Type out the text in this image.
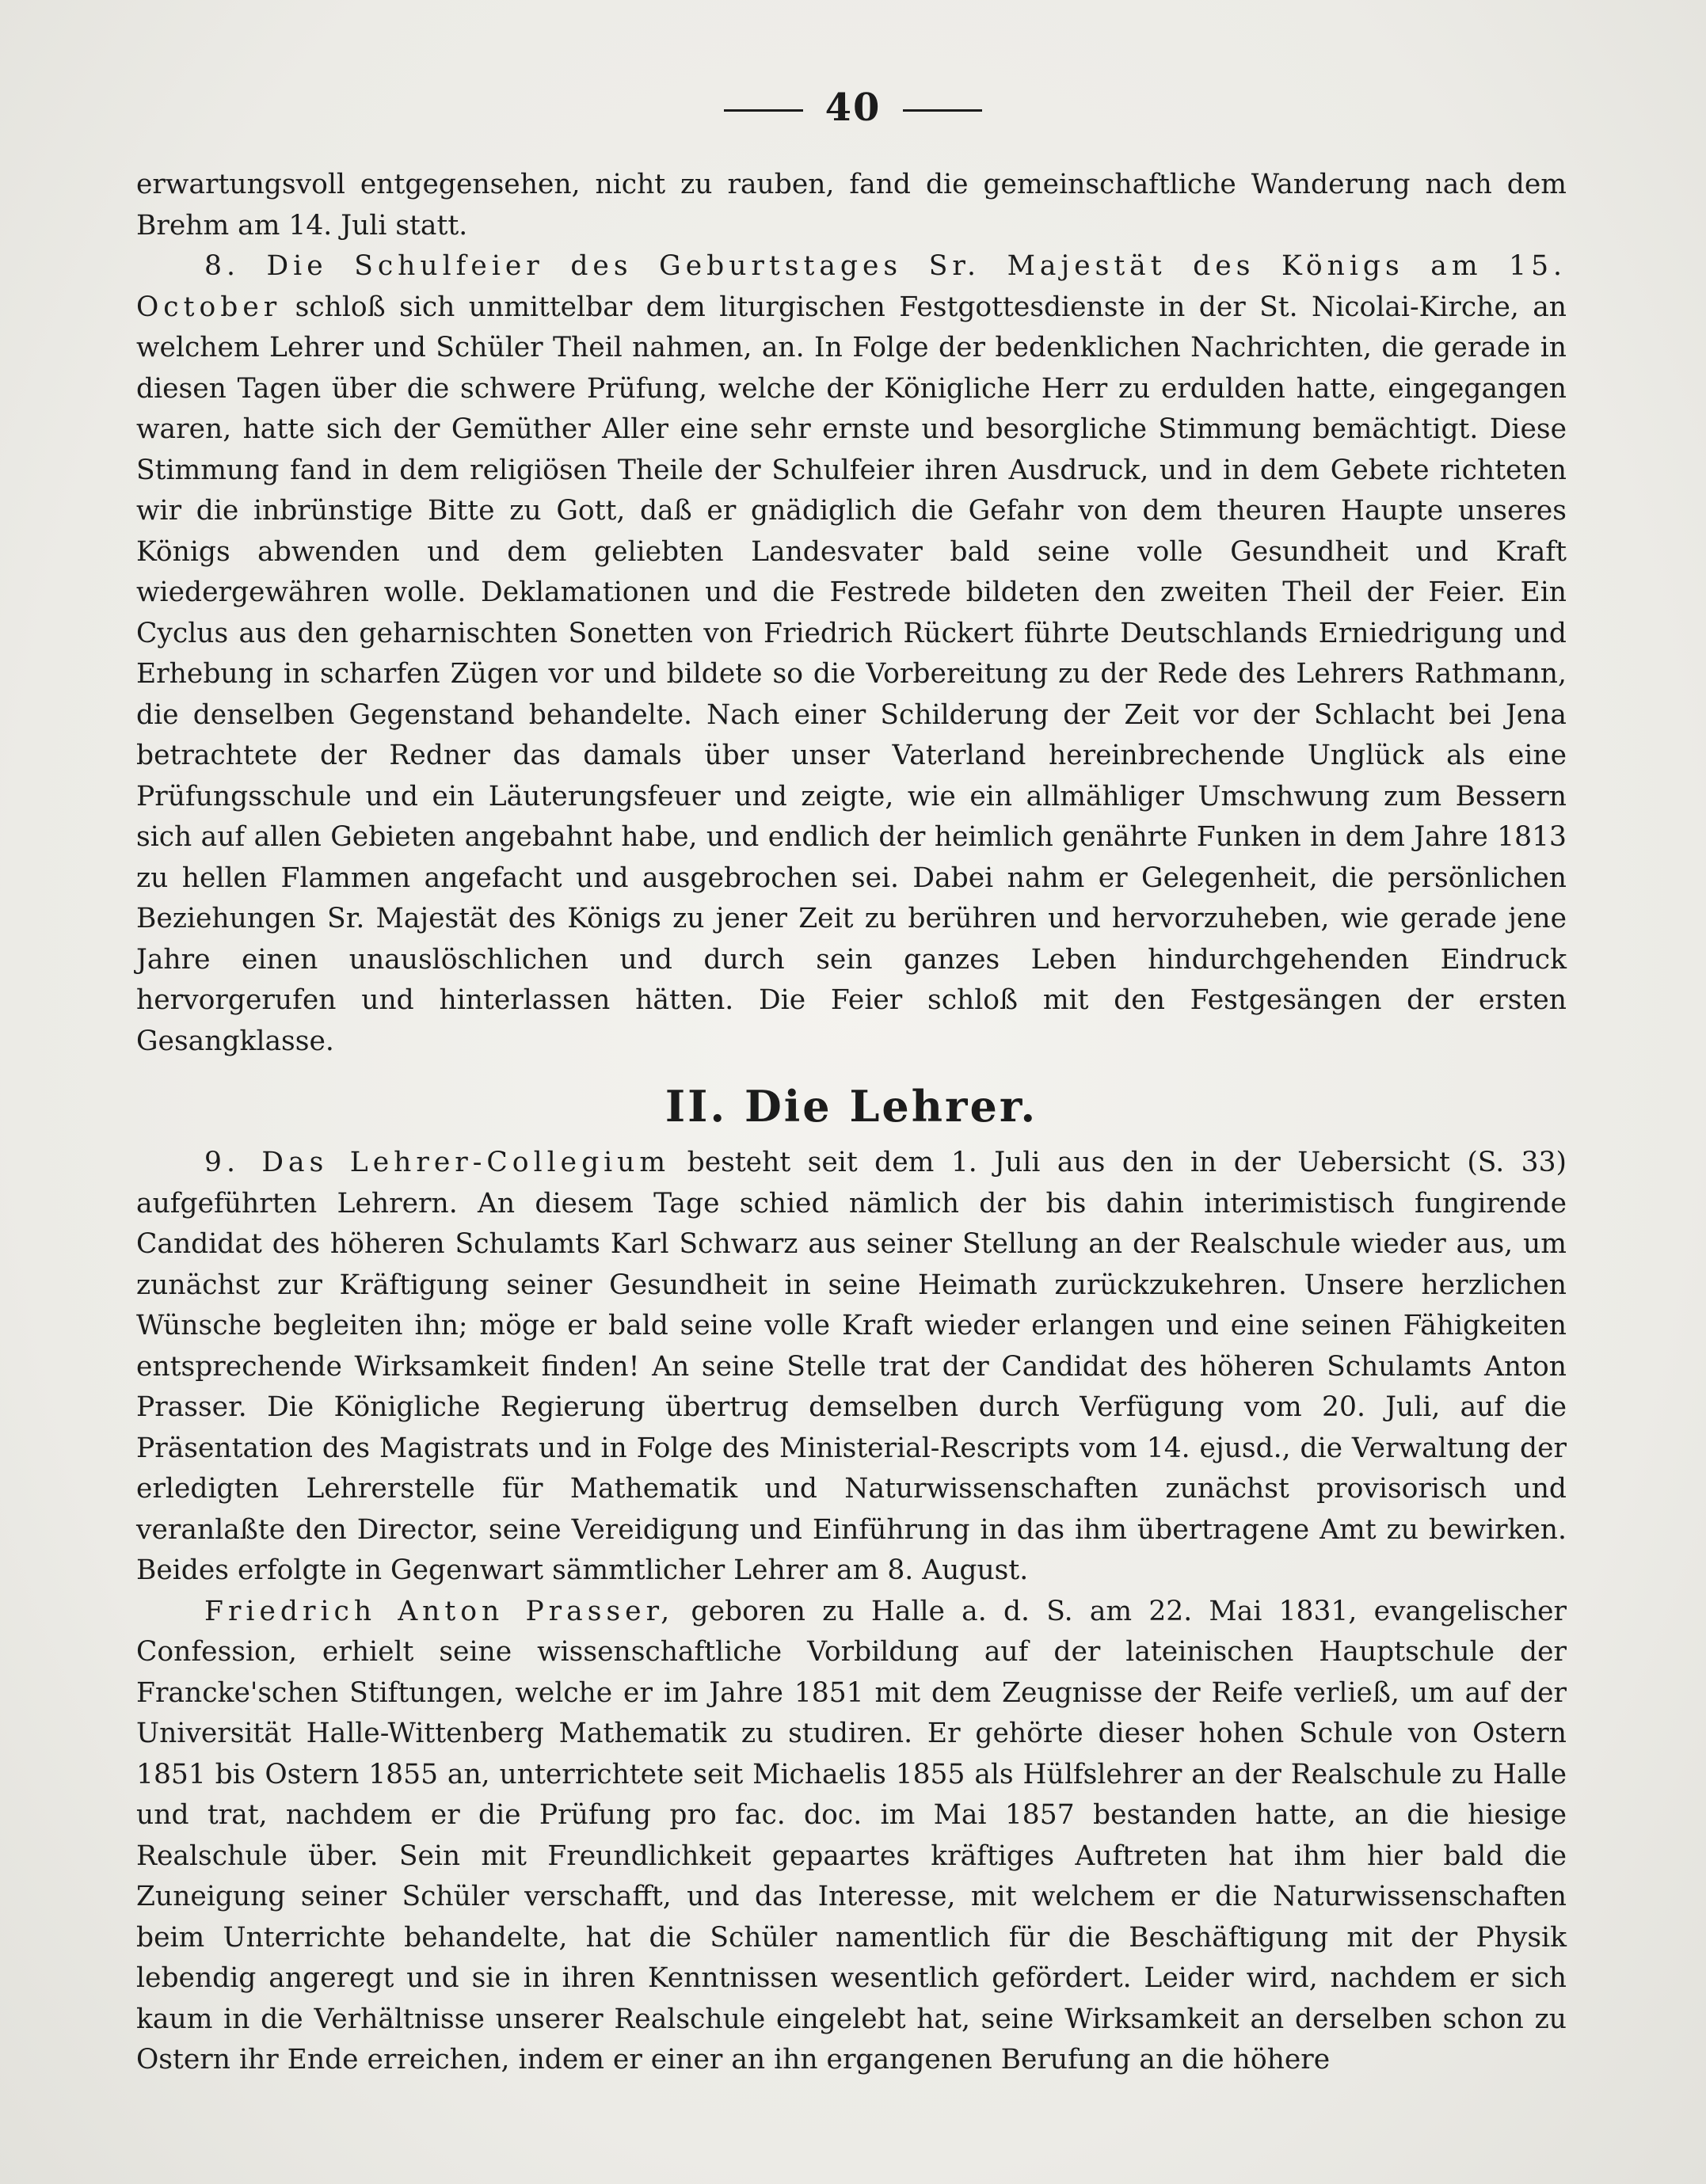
40

erwartungsvoll entgegensehen, nicht zu rauben, fand die gemeinschaftliche Wanderung nach dem Brehm am 14. Juli statt.

8. Die Schulfeier des Geburtstages Sr. Majestät des Königs am 15. October schloß sich unmittelbar dem liturgischen Festgottesdienste in der St. Nicolai-Kirche, an welchem Lehrer und Schüler Theil nahmen, an. In Folge der bedenklichen Nachrichten, die gerade in diesen Tagen über die schwere Prüfung, welche der Königliche Herr zu erdulden hatte, eingegangen waren, hatte sich der Gemüther Aller eine sehr ernste und besorgliche Stimmung bemächtigt. Diese Stimmung fand in dem religiösen Theile der Schulfeier ihren Ausdruck, und in dem Gebete richteten wir die inbrünstige Bitte zu Gott, daß er gnädiglich die Gefahr von dem theuren Haupte unseres Königs abwenden und dem geliebten Landesvater bald seine volle Gesundheit und Kraft wiedergewähren wolle. Deklamationen und die Festrede bildeten den zweiten Theil der Feier. Ein Cyclus aus den geharnischten Sonetten von Friedrich Rückert führte Deutschlands Erniedrigung und Erhebung in scharfen Zügen vor und bildete so die Vorbereitung zu der Rede des Lehrers Rathmann, die denselben Gegenstand behandelte. Nach einer Schilderung der Zeit vor der Schlacht bei Jena betrachtete der Redner das damals über unser Vaterland hereinbrechende Unglück als eine Prüfungsschule und ein Läuterungsfeuer und zeigte, wie ein allmähliger Umschwung zum Bessern sich auf allen Gebieten angebahnt habe, und endlich der heimlich genährte Funken in dem Jahre 1813 zu hellen Flammen angefacht und ausgebrochen sei. Dabei nahm er Gelegenheit, die persönlichen Beziehungen Sr. Majestät des Königs zu jener Zeit zu berühren und hervorzuheben, wie gerade jene Jahre einen unauslöschlichen und durch sein ganzes Leben hindurchgehenden Eindruck hervorgerufen und hinterlassen hätten. Die Feier schloß mit den Festgesängen der ersten Gesangklasse.

II. Die Lehrer.

9. Das Lehrer-Collegium besteht seit dem 1. Juli aus den in der Uebersicht (S. 33) aufgeführten Lehrern. An diesem Tage schied nämlich der bis dahin interimistisch fungirende Candidat des höheren Schulamts Karl Schwarz aus seiner Stellung an der Realschule wieder aus, um zunächst zur Kräftigung seiner Gesundheit in seine Heimath zurückzukehren. Unsere herzlichen Wünsche begleiten ihn; möge er bald seine volle Kraft wieder erlangen und eine seinen Fähigkeiten entsprechende Wirksamkeit finden! An seine Stelle trat der Candidat des höheren Schulamts Anton Prasser. Die Königliche Regierung übertrug demselben durch Verfügung vom 20. Juli, auf die Präsentation des Magistrats und in Folge des Ministerial-Rescripts vom 14. ejusd., die Verwaltung der erledigten Lehrerstelle für Mathematik und Naturwissenschaften zunächst provisorisch und veranlaßte den Director, seine Vereidigung und Einführung in das ihm übertragene Amt zu bewirken. Beides erfolgte in Gegenwart sämmtlicher Lehrer am 8. August.

Friedrich Anton Prasser, geboren zu Halle a. d. S. am 22. Mai 1831, evangelischer Confession, erhielt seine wissenschaftliche Vorbildung auf der lateinischen Hauptschule der Francke'schen Stiftungen, welche er im Jahre 1851 mit dem Zeugnisse der Reife verließ, um auf der Universität Halle-Wittenberg Mathematik zu studiren. Er gehörte dieser hohen Schule von Ostern 1851 bis Ostern 1855 an, unterrichtete seit Michaelis 1855 als Hülfslehrer an der Realschule zu Halle und trat, nachdem er die Prüfung pro fac. doc. im Mai 1857 bestanden hatte, an die hiesige Realschule über. Sein mit Freundlichkeit gepaartes kräftiges Auftreten hat ihm hier bald die Zuneigung seiner Schüler verschafft, und das Interesse, mit welchem er die Naturwissenschaften beim Unterrichte behandelte, hat die Schüler namentlich für die Beschäftigung mit der Physik lebendig angeregt und sie in ihren Kenntnissen wesentlich gefördert. Leider wird, nachdem er sich kaum in die Verhältnisse unserer Realschule eingelebt hat, seine Wirksamkeit an derselben schon zu Ostern ihr Ende erreichen, indem er einer an ihn ergangenen Berufung an die höhere
